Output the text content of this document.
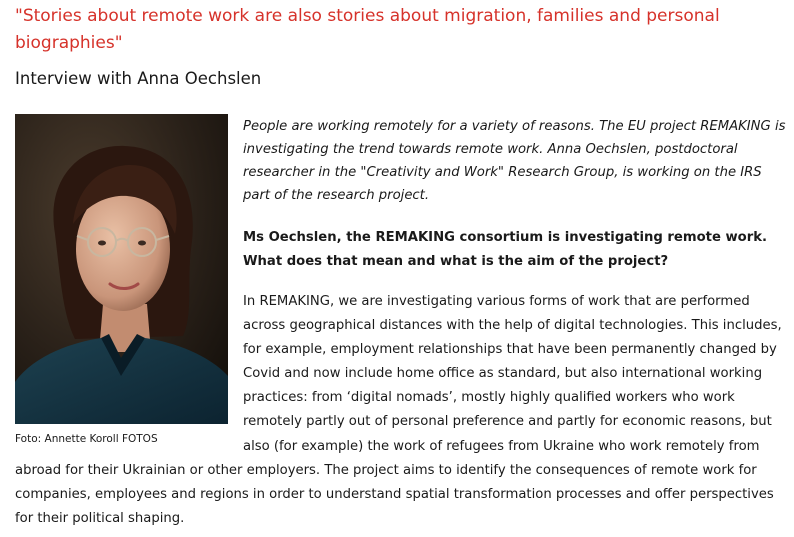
"Stories about remote work are also stories about migration, families and personal biographies"
Interview with Anna Oechslen
Foto: Annette Koroll FOTOS

People are working remotely for a variety of reasons. The EU project REMAKING is investigating the trend towards remote work. Anna Oechslen, postdoctoral researcher in the "Creativity and Work" Research Group, is working on the IRS part of the research project.

Ms Oechslen, the REMAKING consortium is investigating remote work. What does that mean and what is the aim of the project?

In REMAKING, we are investigating various forms of work that are performed across geographical distances with the help of digital technologies. This includes, for example, employment relationships that have been permanently changed by Covid and now include home office as standard, but also international working practices: from ‘digital nomads’, mostly highly qualified workers who work remotely partly out of personal preference and partly for economic reasons, but also (for example) the work of refugees from Ukraine who work remotely from abroad for their Ukrainian or other employers. The project aims to identify the consequences of remote work for companies, employees and regions in order to understand spatial transformation processes and offer perspectives for their political shaping.
